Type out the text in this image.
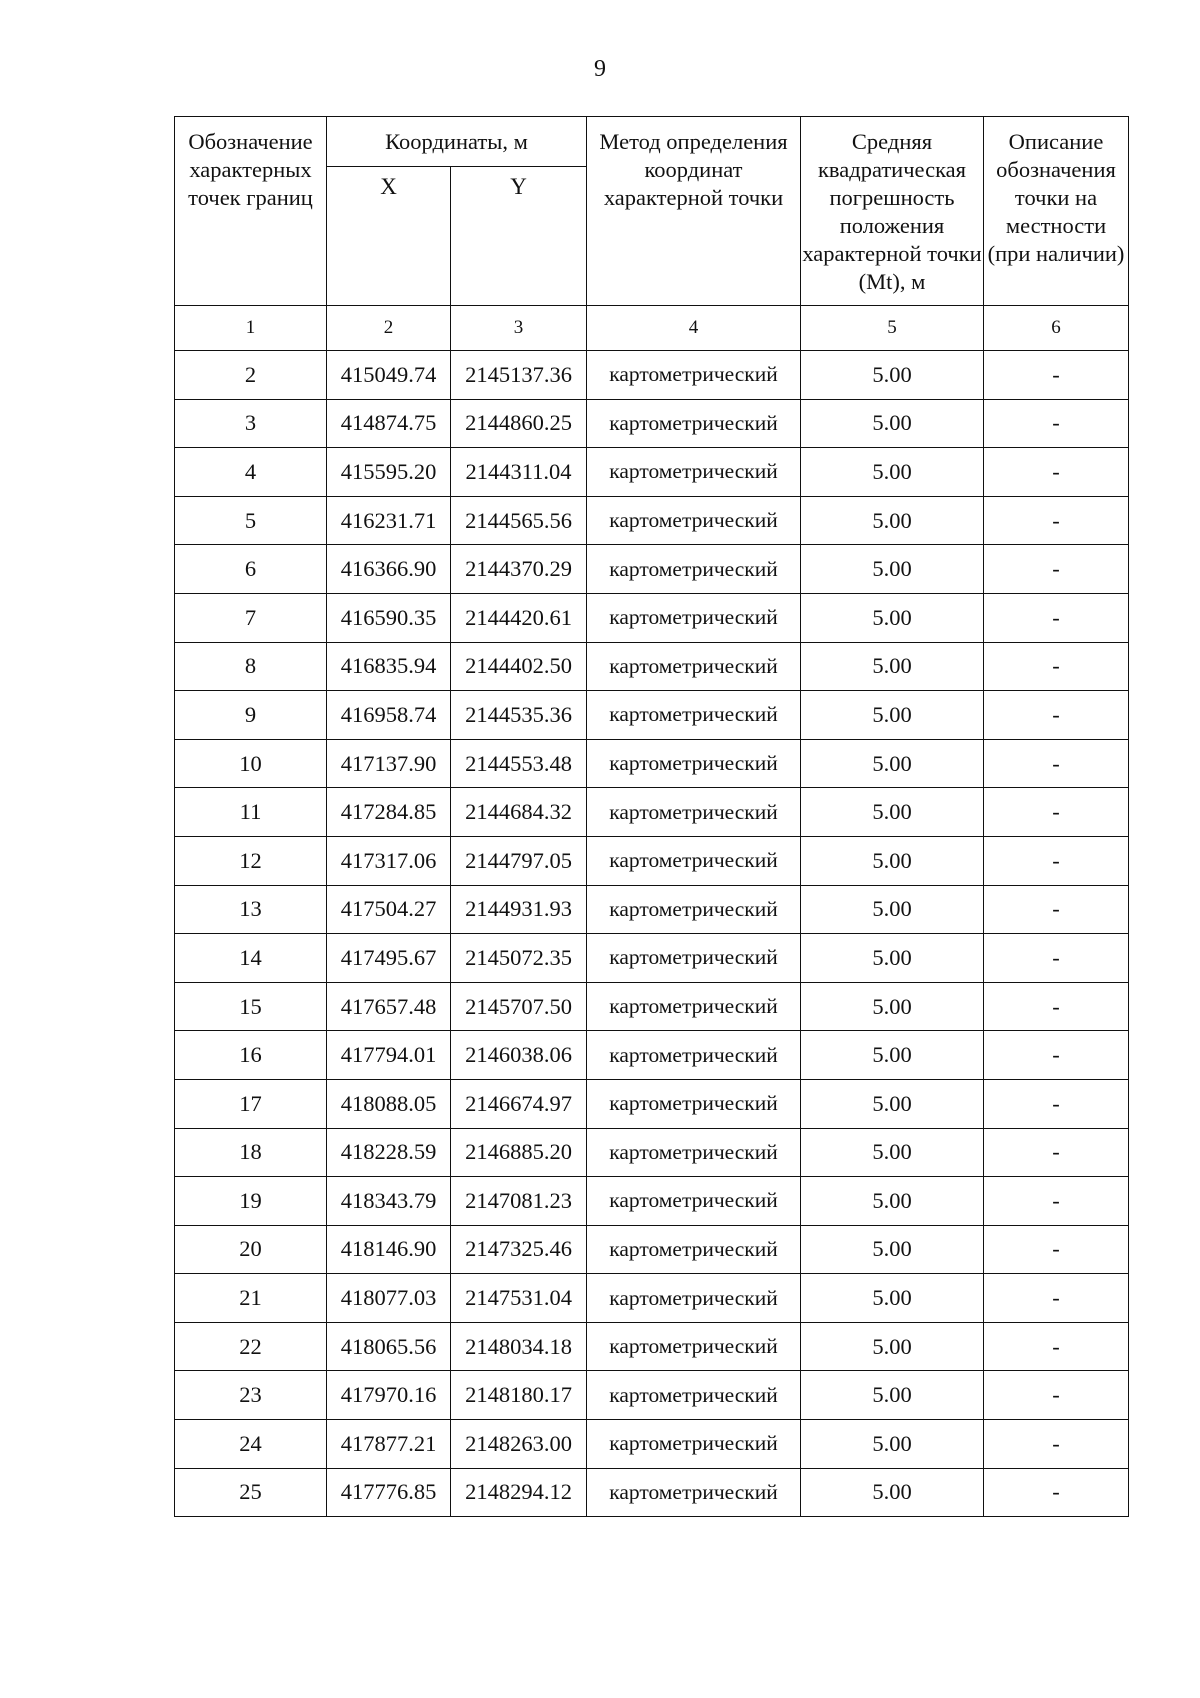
9
Обозначение характерных точек границ	Координаты, м		Метод определения координат характерной точки	Средняя квадратическая погрешность положения характерной точки (Mt), м	Описание обозначения точки на местности (при наличии)
	X	Y			
1	2	3	4	5	6
2	415049.74	2145137.36	картометрический	5.00	-
3	414874.75	2144860.25	картометрический	5.00	-
4	415595.20	2144311.04	картометрический	5.00	-
5	416231.71	2144565.56	картометрический	5.00	-
6	416366.90	2144370.29	картометрический	5.00	-
7	416590.35	2144420.61	картометрический	5.00	-
8	416835.94	2144402.50	картометрический	5.00	-
9	416958.74	2144535.36	картометрический	5.00	-
10	417137.90	2144553.48	картометрический	5.00	-
11	417284.85	2144684.32	картометрический	5.00	-
12	417317.06	2144797.05	картометрический	5.00	-
13	417504.27	2144931.93	картометрический	5.00	-
14	417495.67	2145072.35	картометрический	5.00	-
15	417657.48	2145707.50	картометрический	5.00	-
16	417794.01	2146038.06	картометрический	5.00	-
17	418088.05	2146674.97	картометрический	5.00	-
18	418228.59	2146885.20	картометрический	5.00	-
19	418343.79	2147081.23	картометрический	5.00	-
20	418146.90	2147325.46	картометрический	5.00	-
21	418077.03	2147531.04	картометрический	5.00	-
22	418065.56	2148034.18	картометрический	5.00	-
23	417970.16	2148180.17	картометрический	5.00	-
24	417877.21	2148263.00	картометрический	5.00	-
25	417776.85	2148294.12	картометрический	5.00	-
